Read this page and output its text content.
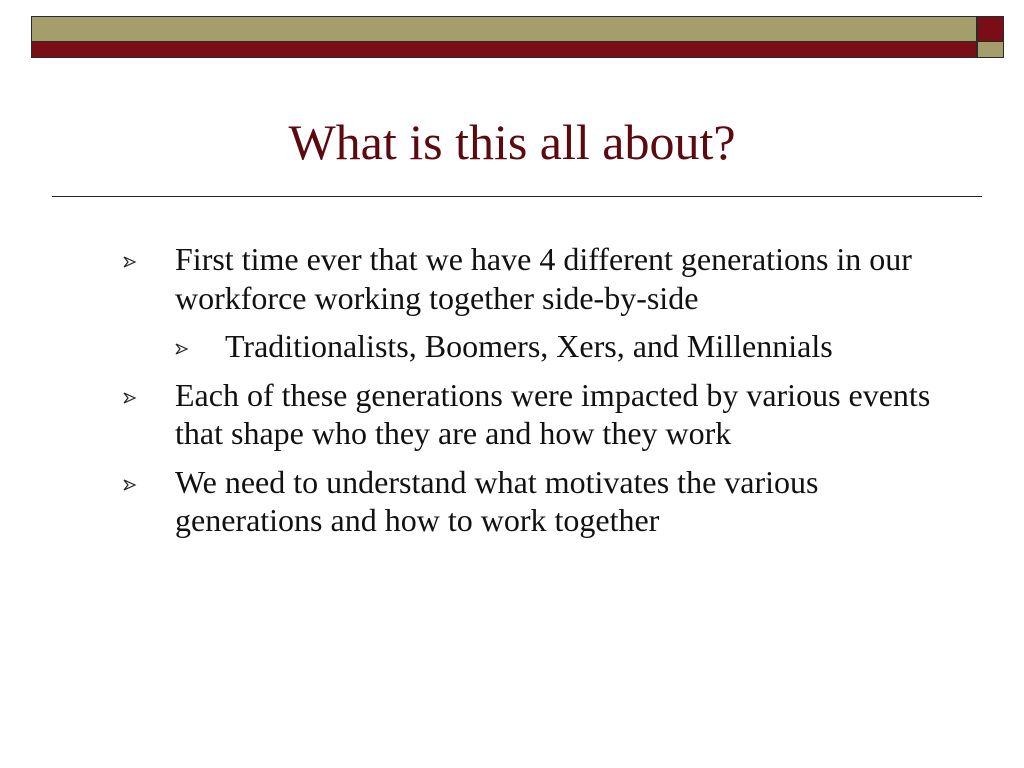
What is this all about?
First time ever that we have 4 different generations in our workforce working together side-by-side
Traditionalists, Boomers, Xers, and Millennials
Each of these generations were impacted by various events that shape who they are and how they work
We need to understand what motivates the various generations and how to work together
